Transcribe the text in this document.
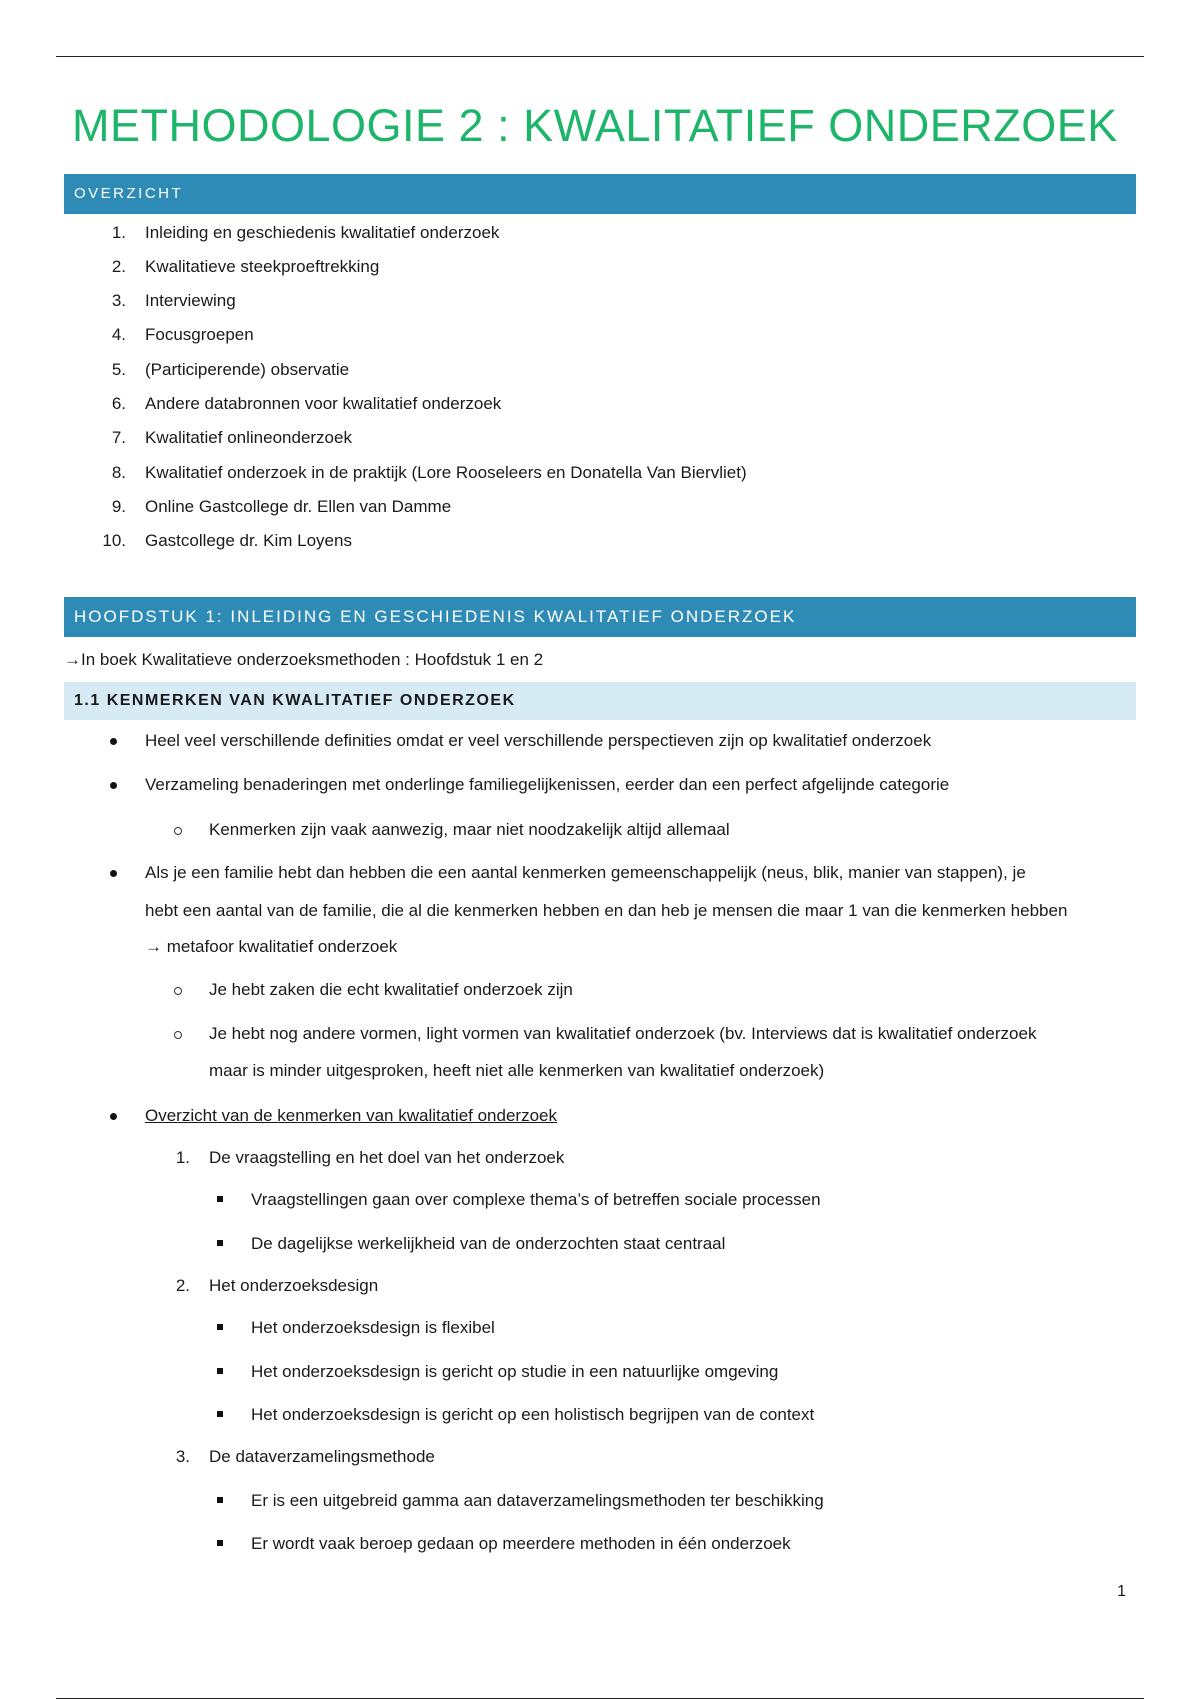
METHODOLOGIE 2 : KWALITATIEF ONDERZOEK
OVERZICHT
1. Inleiding en geschiedenis kwalitatief onderzoek
2. Kwalitatieve steekproeftrekking
3. Interviewing
4. Focusgroepen
5. (Participerende) observatie
6. Andere databronnen voor kwalitatief onderzoek
7. Kwalitatief onlineonderzoek
8. Kwalitatief onderzoek in de praktijk (Lore Rooseleers en Donatella Van Biervliet)
9. Online Gastcollege dr. Ellen van Damme
10. Gastcollege dr. Kim Loyens
HOOFDSTUK 1: INLEIDING EN GESCHIEDENIS KWALITATIEF ONDERZOEK
→In boek Kwalitatieve onderzoeksmethoden : Hoofdstuk 1 en 2
1.1 KENMERKEN VAN KWALITATIEF ONDERZOEK
Heel veel verschillende definities omdat er veel verschillende perspectieven zijn op kwalitatief onderzoek
Verzameling benaderingen met onderlinge familiegelijkenissen, eerder dan een perfect afgelijnde categorie
Kenmerken zijn vaak aanwezig, maar niet noodzakelijk altijd allemaal
Als je een familie hebt dan hebben die een aantal kenmerken gemeenschappelijk (neus, blik, manier van stappen), je
hebt een aantal van de familie, die al die kenmerken hebben en dan heb je mensen die maar 1 van die kenmerken hebben
→ metafoor kwalitatief onderzoek
Je hebt zaken die echt kwalitatief onderzoek zijn
Je hebt nog andere vormen, light vormen van kwalitatief onderzoek (bv. Interviews dat is kwalitatief onderzoek
maar is minder uitgesproken, heeft niet alle kenmerken van kwalitatief onderzoek)
Overzicht van de kenmerken van kwalitatief onderzoek
1. De vraagstelling en het doel van het onderzoek
Vraagstellingen gaan over complexe thema’s of betreffen sociale processen
De dagelijkse werkelijkheid van de onderzochten staat centraal
2. Het onderzoeksdesign
Het onderzoeksdesign is flexibel
Het onderzoeksdesign is gericht op studie in een natuurlijke omgeving
Het onderzoeksdesign is gericht op een holistisch begrijpen van de context
3. De dataverzamelingsmethode
Er is een uitgebreid gamma aan dataverzamelingsmethoden ter beschikking
Er wordt vaak beroep gedaan op meerdere methoden in één onderzoek
1
